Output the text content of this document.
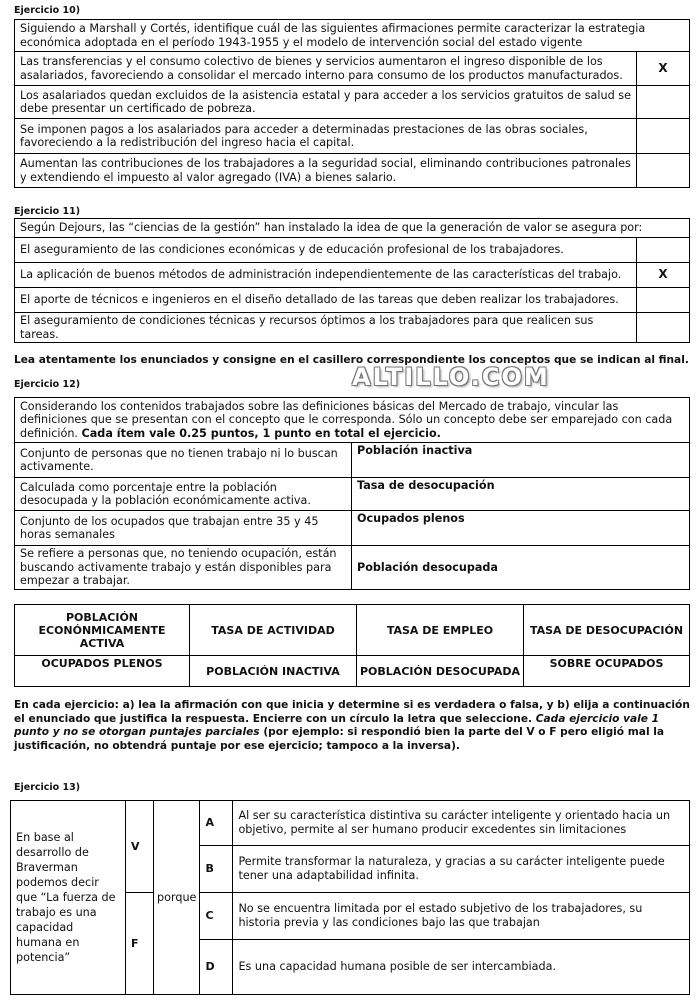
Ejercicio 10)
Siguiendo a Marshall y Cortés, identifique cuál de las siguientes afirmaciones permite caracterizar la estrategia económica adoptada en el período 1943-1955 y el modelo de intervención social del estado vigente	
Las transferencias y el consumo colectivo de bienes y servicios aumentaron el ingreso disponible de los asalariados, favoreciendo a consolidar el mercado interno para consumo de los productos manufacturados.	X
Los asalariados quedan excluidos de la asistencia estatal y para acceder a los servicios gratuitos de salud se debe presentar un certificado de pobreza.	
Se imponen pagos a los asalariados para acceder a determinadas prestaciones de las obras sociales, favoreciendo a la redistribución del ingreso hacia el capital.	
Aumentan las contribuciones de los trabajadores a la seguridad social, eliminando contribuciones patronales y extendiendo el impuesto al valor agregado (IVA) a bienes salario.	
Ejercicio 11)
Según Dejours, las “ciencias de la gestión” han instalado la idea de que la generación de valor se asegura por:	
El aseguramiento de las condiciones económicas y de educación profesional de los trabajadores.	
La aplicación de buenos métodos de administración independientemente de las características del trabajo.	X
El aporte de técnicos e ingenieros en el diseño detallado de las tareas que deben realizar los trabajadores.	
El aseguramiento de condiciones técnicas y recursos óptimos a los trabajadores para que realicen sus tareas.	
Lea atentamente los enunciados y consigne en el casillero correspondiente los conceptos que se indican al final.
Ejercicio 12)	ALTILLO.COM
Considerando los contenidos trabajados sobre las definiciones básicas del Mercado de trabajo, vincular las definiciones que se presentan con el concepto que le corresponda. Sólo un concepto debe ser emparejado con cada definición. Cada ítem vale 0.25 puntos, 1 punto en total el ejercicio.	
Conjunto de personas que no tienen trabajo ni lo buscan activamente.	Población inactiva
Calculada como porcentaje entre la población desocupada y la población económicamente activa.	Tasa de desocupación
Conjunto de los ocupados que trabajan entre 35 y 45 horas semanales	Ocupados plenos
Se refiere a personas que, no teniendo ocupación, están buscando activamente trabajo y están disponibles para empezar a trabajar.	Población desocupada
POBLACIÓN ECONÓNMICAMENTE ACTIVA	TASA DE ACTIVIDAD	TASA DE EMPLEO	TASA DE DESOCUPACIÓN
OCUPADOS PLENOS	POBLACIÓN INACTIVA	POBLACIÓN DESOCUPADA	SOBRE OCUPADOS
En cada ejercicio: a) lea la afirmación con que inicia y determine si es verdadera o falsa, y b) elija a continuación el enunciado que justifica la respuesta. Encierre con un círculo la letra que seleccione. Cada ejercicio vale 1 punto y no se otorgan puntajes parciales (por ejemplo: si respondió bien la parte del V o F pero eligió mal la justificación, no obtendrá puntaje por ese ejercicio; tampoco a la inversa).
Ejercicio 13)
En base al desarrollo de Braverman podemos decir que “La fuerza de trabajo es una capacidad humana en potencia”	V	porque	A	Al ser su característica distintiva su carácter inteligente y orientado hacia un objetivo, permite al ser humano producir excedentes sin limitaciones
			B	Permite transformar la naturaleza, y gracias a su carácter inteligente puede tener una adaptabilidad infinita.
	F		C	No se encuentra limitada por el estado subjetivo de los trabajadores, su historia previa y las condiciones bajo las que trabajan
			D	Es una capacidad humana posible de ser intercambiada.
